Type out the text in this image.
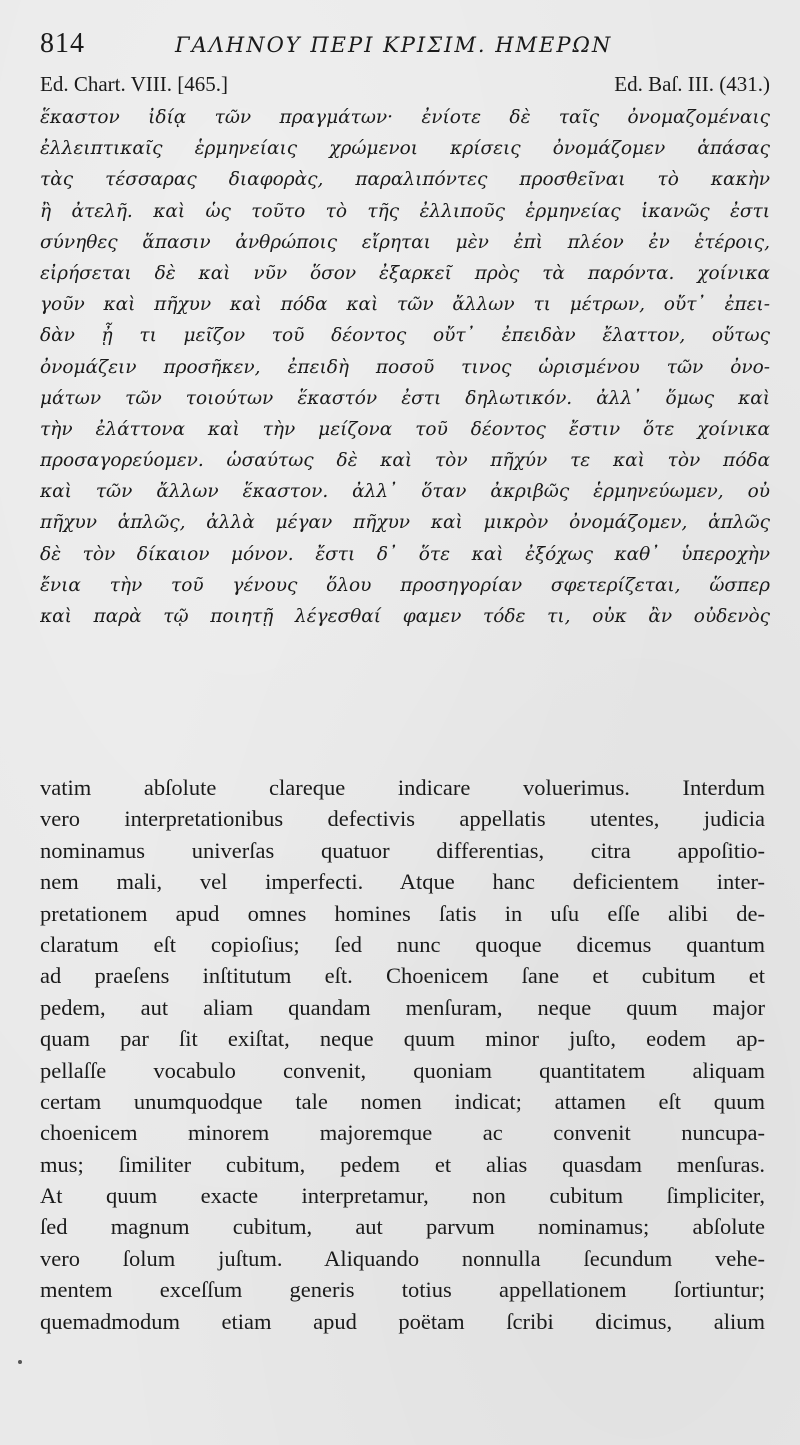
814	ΓΑΛΗΝΟΥ ΠΕΡΙ ΚΡΙΣΙΜ. ΗΜΕΡΩΝ
Ed. Chart. VIII. [465.]	Ed. Baſ. III. (431.)
ἕκαστον ἰδίᾳ τῶν πραγμάτων· ἐνίοτε δὲ ταῖς ὀνομαζομέναις
ἐλλειπτικαῖς ἑρμηνείαις χρώμενοι κρίσεις ὀνομάζομεν ἁπάσας
τὰς τέσσαρας διαφορὰς, παραλιπόντες προσθεῖναι τὸ κακὴν
ἢ ἀτελῆ. καὶ ὡς τοῦτο τὸ τῆς ἐλλιποῦς ἑρμηνείας ἱκανῶς ἐστι
σύνηθες ἅπασιν ἀνθρώποις εἴρηται μὲν ἐπὶ πλέον ἐν ἑτέροις,
εἰρήσεται δὲ καὶ νῦν ὅσον ἐξαρκεῖ πρὸς τὰ παρόντα. χοίνικα
γοῦν καὶ πῆχυν καὶ πόδα καὶ τῶν ἄλλων τι μέτρων, οὔτ᾽ ἐπει-
δὰν ᾖ τι μεῖζον τοῦ δέοντος οὔτ᾽ ἐπειδὰν ἔλαττον, οὕτως
ὀνομάζειν προσῆκεν, ἐπειδὴ ποσοῦ τινος ὡρισμένου τῶν ὀνο-
μάτων τῶν τοιούτων ἕκαστόν ἐστι δηλωτικόν. ἀλλ᾽ ὅμως καὶ
τὴν ἐλάττονα καὶ τὴν μείζονα τοῦ δέοντος ἔστιν ὅτε χοίνικα
προσαγορεύομεν. ὡσαύτως δὲ καὶ τὸν πῆχύν τε καὶ τὸν πόδα
καὶ τῶν ἄλλων ἕκαστον. ἀλλ᾽ ὅταν ἀκριβῶς ἑρμηνεύωμεν, οὐ
πῆχυν ἁπλῶς, ἀλλὰ μέγαν πῆχυν καὶ μικρὸν ὀνομάζομεν, ἁπλῶς
δὲ τὸν δίκαιον μόνον. ἔστι δ᾽ ὅτε καὶ ἐξόχως καθ᾽ ὑπεροχὴν
ἔνια τὴν τοῦ γένους ὅλου προσηγορίαν σφετερίζεται, ὥσπερ
καὶ παρὰ τῷ ποιητῇ λέγεσθαί φαμεν τόδε τι, οὐκ ἂν οὐδενὸς
vatim abſolute clareque indicare voluerimus. Interdum
vero interpretationibus defectivis appellatis utentes, judicia
nominamus univerſas quatuor differentias, citra appoſitio-
nem mali, vel imperfecti. Atque hanc deficientem inter-
pretationem apud omnes homines ſatis in uſu eſſe alibi de-
claratum eſt copioſius; ſed nunc quoque dicemus quantum
ad praeſens inſtitutum eſt. Choenicem ſane et cubitum et
pedem, aut aliam quandam menſuram, neque quum major
quam par ſit exiſtat, neque quum minor juſto, eodem ap-
pellaſſe vocabulo convenit, quoniam quantitatem aliquam
certam unumquodque tale nomen indicat; attamen eſt quum
choenicem minorem majoremque ac convenit nuncupa-
mus; ſimiliter cubitum, pedem et alias quasdam menſuras.
At quum exacte interpretamur, non cubitum ſimpliciter,
ſed magnum cubitum, aut parvum nominamus; abſolute
vero ſolum juſtum. Aliquando nonnulla ſecundum vehe-
mentem exceſſum generis totius appellationem ſortiuntur;
quemadmodum etiam apud poëtam ſcribi dicimus, alium
